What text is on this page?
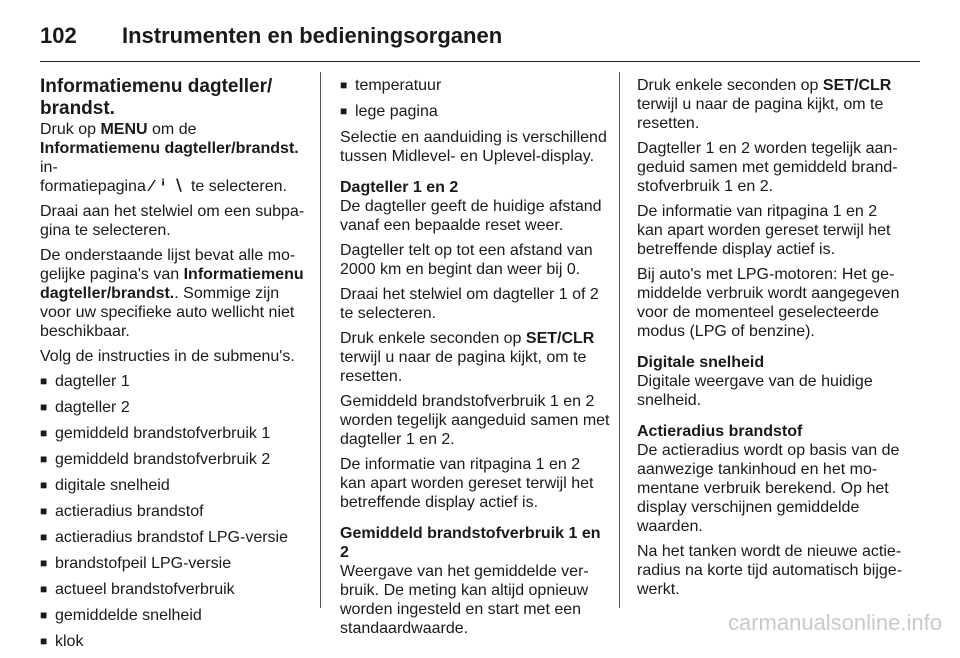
102	Instrumenten en bedieningsorganen
Informatiemenu dagteller/
brandst.

Druk op MENU om de
Informatiemenu dagteller/brandst. in-
formatiepagina ⁄ ⁱ ∖ te selecteren.

Draai aan het stelwiel om een subpagina te selecteren.

De onderstaande lijst bevat alle mogelijke pagina's van Informatiemenu dagteller/brandst.. Sommige zijn voor uw specifieke auto wellicht niet beschikbaar.

Volg de instructies in de submenu's.

■ dagteller 1
■ dagteller 2
■ gemiddeld brandstofverbruik 1
■ gemiddeld brandstofverbruik 2
■ digitale snelheid
■ actieradius brandstof
■ actieradius brandstof LPG-versie
■ brandstofpeil LPG-versie
■ actueel brandstofverbruik
■ gemiddelde snelheid
■ klok
■ temperatuur
■ lege pagina

Selectie en aanduiding is verschillend tussen Midlevel- en Uplevel-display.

Dagteller 1 en 2

De dagteller geeft de huidige afstand vanaf een bepaalde reset weer.

Dagteller telt op tot een afstand van 2000 km en begint dan weer bij 0.

Draai het stelwiel om dagteller 1 of 2 te selecteren.

Druk enkele seconden op SET/CLR terwijl u naar de pagina kijkt, om te resetten.

Gemiddeld brandstofverbruik 1 en 2 worden tegelijk aangeduid samen met dagteller 1 en 2.

De informatie van ritpagina 1 en 2 kan apart worden gereset terwijl het betreffende display actief is.

Gemiddeld brandstofverbruik 1 en 2

Weergave van het gemiddelde verbruik. De meting kan altijd opnieuw worden ingesteld en start met een standaardwaarde.

Druk enkele seconden op SET/CLR terwijl u naar de pagina kijkt, om te resetten.

Dagteller 1 en 2 worden tegelijk aangeduid samen met gemiddeld brandstofverbruik 1 en 2.

De informatie van ritpagina 1 en 2 kan apart worden gereset terwijl het betreffende display actief is.

Bij auto's met LPG-motoren: Het gemiddelde verbruik wordt aangegeven voor de momenteel geselecteerde modus (LPG of benzine).

Digitale snelheid

Digitale weergave van de huidige snelheid.

Actieradius brandstof

De actieradius wordt op basis van de aanwezige tankinhoud en het momentane verbruik berekend. Op het display verschijnen gemiddelde waarden.

Na het tanken wordt de nieuwe actieradius na korte tijd automatisch bijgewerkt.

carmanualsonline.info
